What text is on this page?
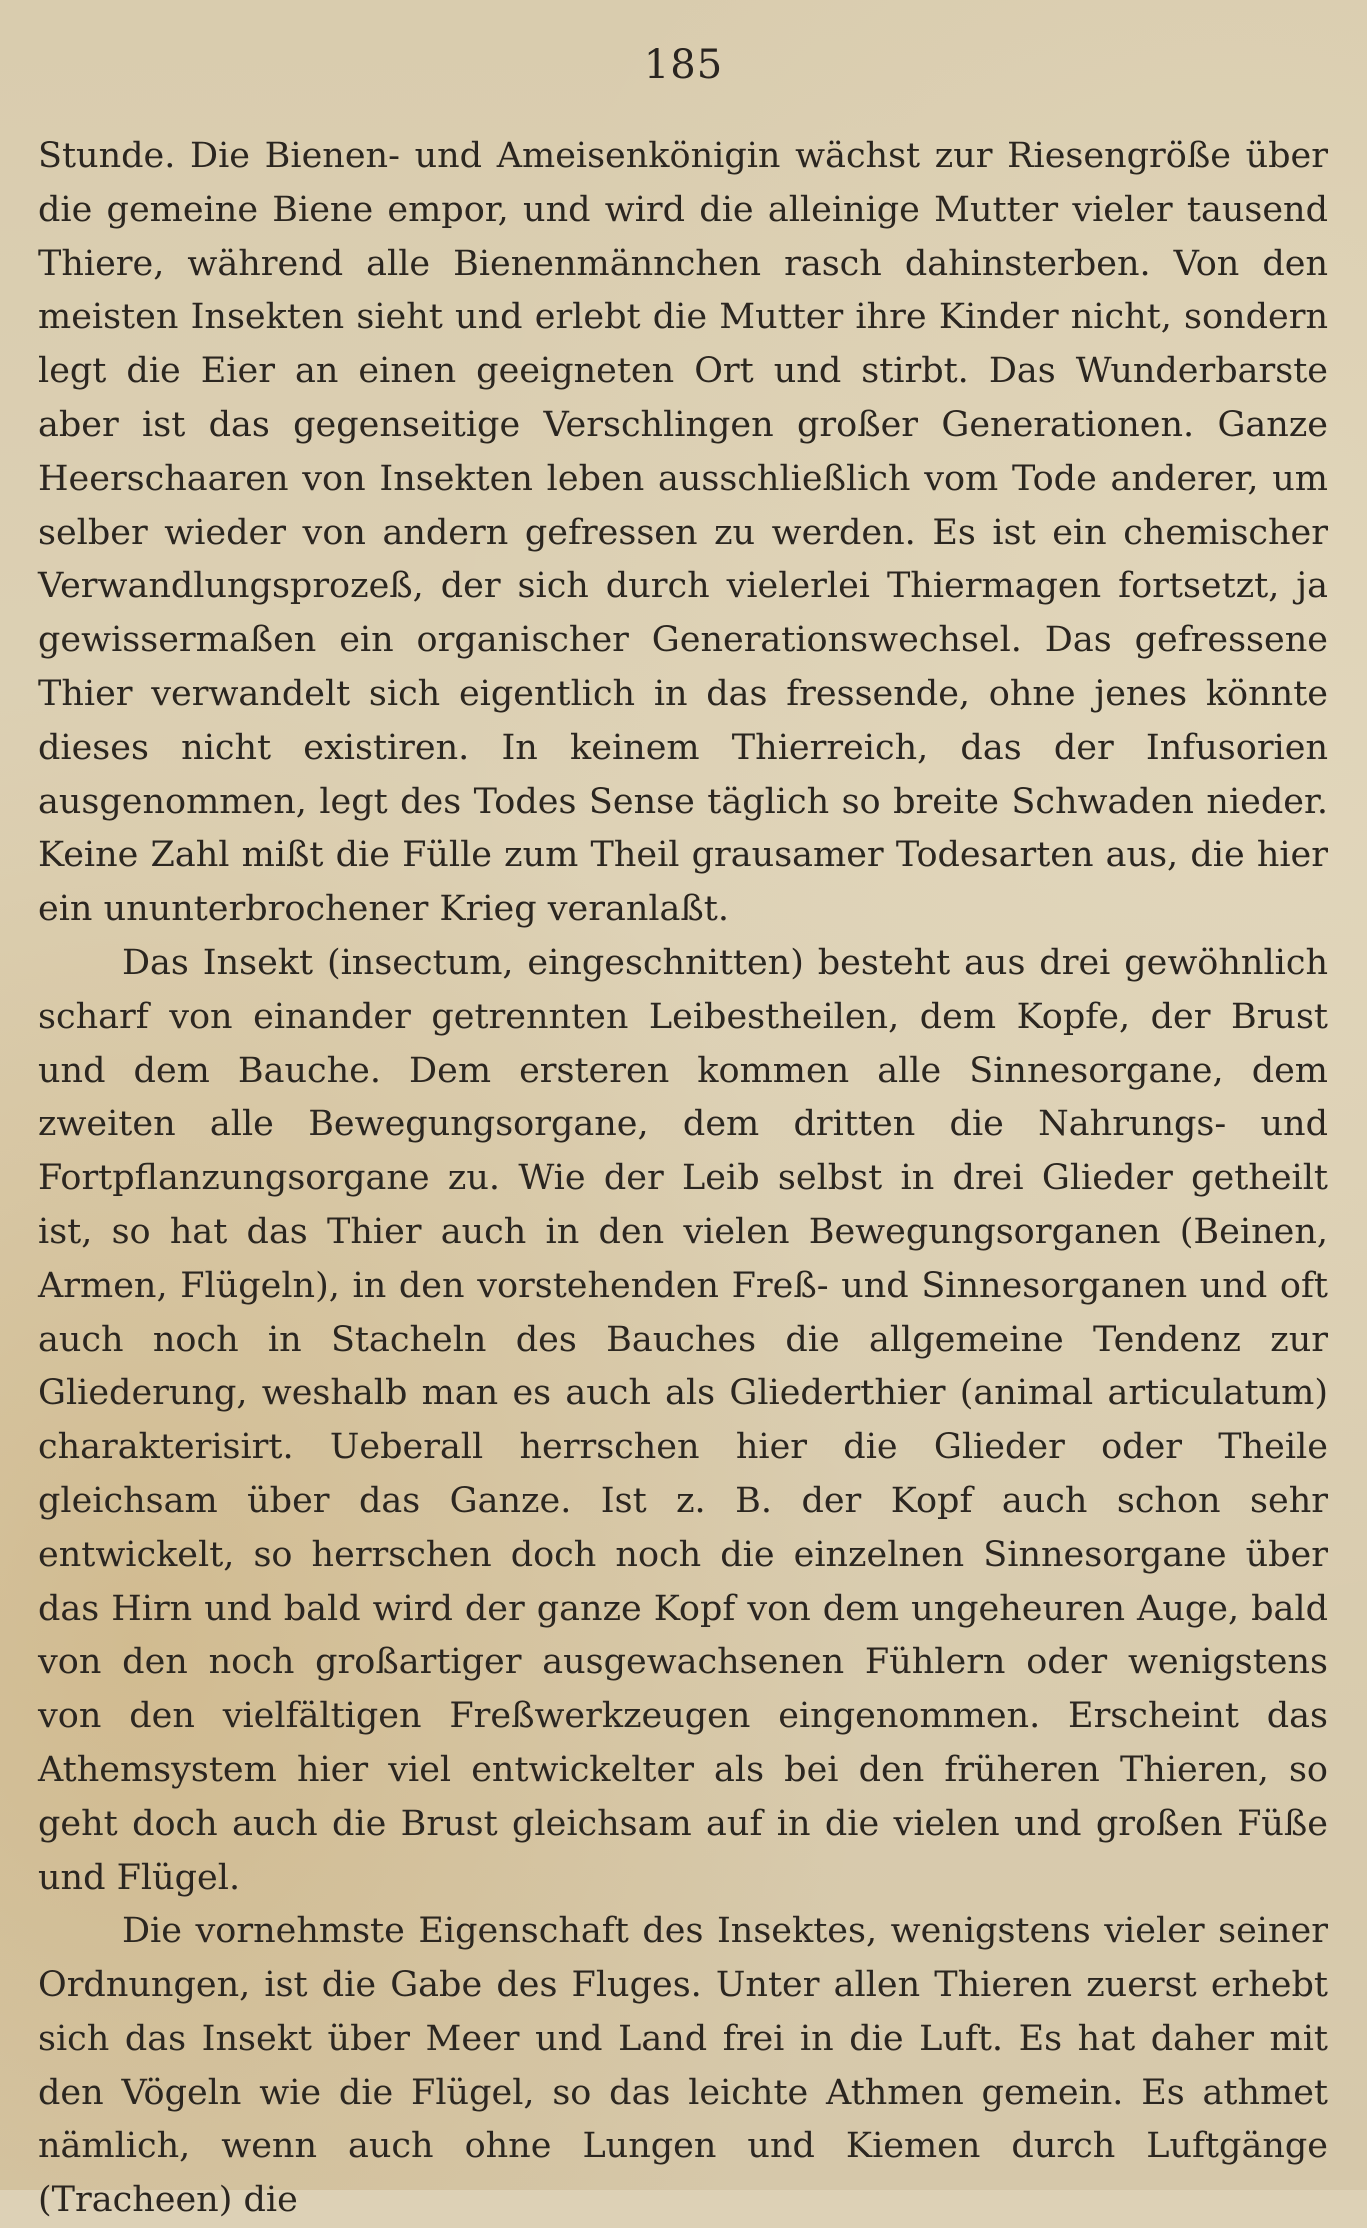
185

Stunde. Die Bienen- und Ameisenkönigin wächst zur Riesengröße über die gemeine Biene empor, und wird die alleinige Mutter vieler tausend Thiere, während alle Bienenmännchen rasch dahinsterben. Von den meisten Insekten sieht und erlebt die Mutter ihre Kinder nicht, sondern legt die Eier an einen geeigneten Ort und stirbt. Das Wunderbarste aber ist das gegenseitige Verschlingen großer Generationen. Ganze Heerschaaren von Insekten leben ausschließlich vom Tode anderer, um selber wieder von andern gefressen zu werden. Es ist ein chemischer Verwandlungsprozeß, der sich durch vielerlei Thiermagen fortsetzt, ja gewissermaßen ein organischer Generationswechsel. Das gefressene Thier verwandelt sich eigentlich in das fressende, ohne jenes könnte dieses nicht existiren. In keinem Thierreich, das der Infusorien ausgenommen, legt des Todes Sense täglich so breite Schwaden nieder. Keine Zahl mißt die Fülle zum Theil grausamer Todesarten aus, die hier ein ununterbrochener Krieg veranlaßt.

Das Insekt (insectum, eingeschnitten) besteht aus drei gewöhnlich scharf von einander getrennten Leibestheilen, dem Kopfe, der Brust und dem Bauche. Dem ersteren kommen alle Sinnesorgane, dem zweiten alle Bewegungsorgane, dem dritten die Nahrungs- und Fortpflanzungsorgane zu. Wie der Leib selbst in drei Glieder getheilt ist, so hat das Thier auch in den vielen Bewegungsorganen (Beinen, Armen, Flügeln), in den vorstehenden Freß- und Sinnesorganen und oft auch noch in Stacheln des Bauches die allgemeine Tendenz zur Gliederung, weshalb man es auch als Gliederthier (animal articulatum) charakterisirt. Ueberall herrschen hier die Glieder oder Theile gleichsam über das Ganze. Ist z. B. der Kopf auch schon sehr entwickelt, so herrschen doch noch die einzelnen Sinnesorgane über das Hirn und bald wird der ganze Kopf von dem ungeheuren Auge, bald von den noch großartiger ausgewachsenen Fühlern oder wenigstens von den vielfältigen Freßwerkzeugen eingenommen. Erscheint das Athemsystem hier viel entwickelter als bei den früheren Thieren, so geht doch auch die Brust gleichsam auf in die vielen und großen Füße und Flügel.

Die vornehmste Eigenschaft des Insektes, wenigstens vieler seiner Ordnungen, ist die Gabe des Fluges. Unter allen Thieren zuerst erhebt sich das Insekt über Meer und Land frei in die Luft. Es hat daher mit den Vögeln wie die Flügel, so das leichte Athmen gemein. Es athmet nämlich, wenn auch ohne Lungen und Kiemen durch Luftgänge (Tracheen) die
